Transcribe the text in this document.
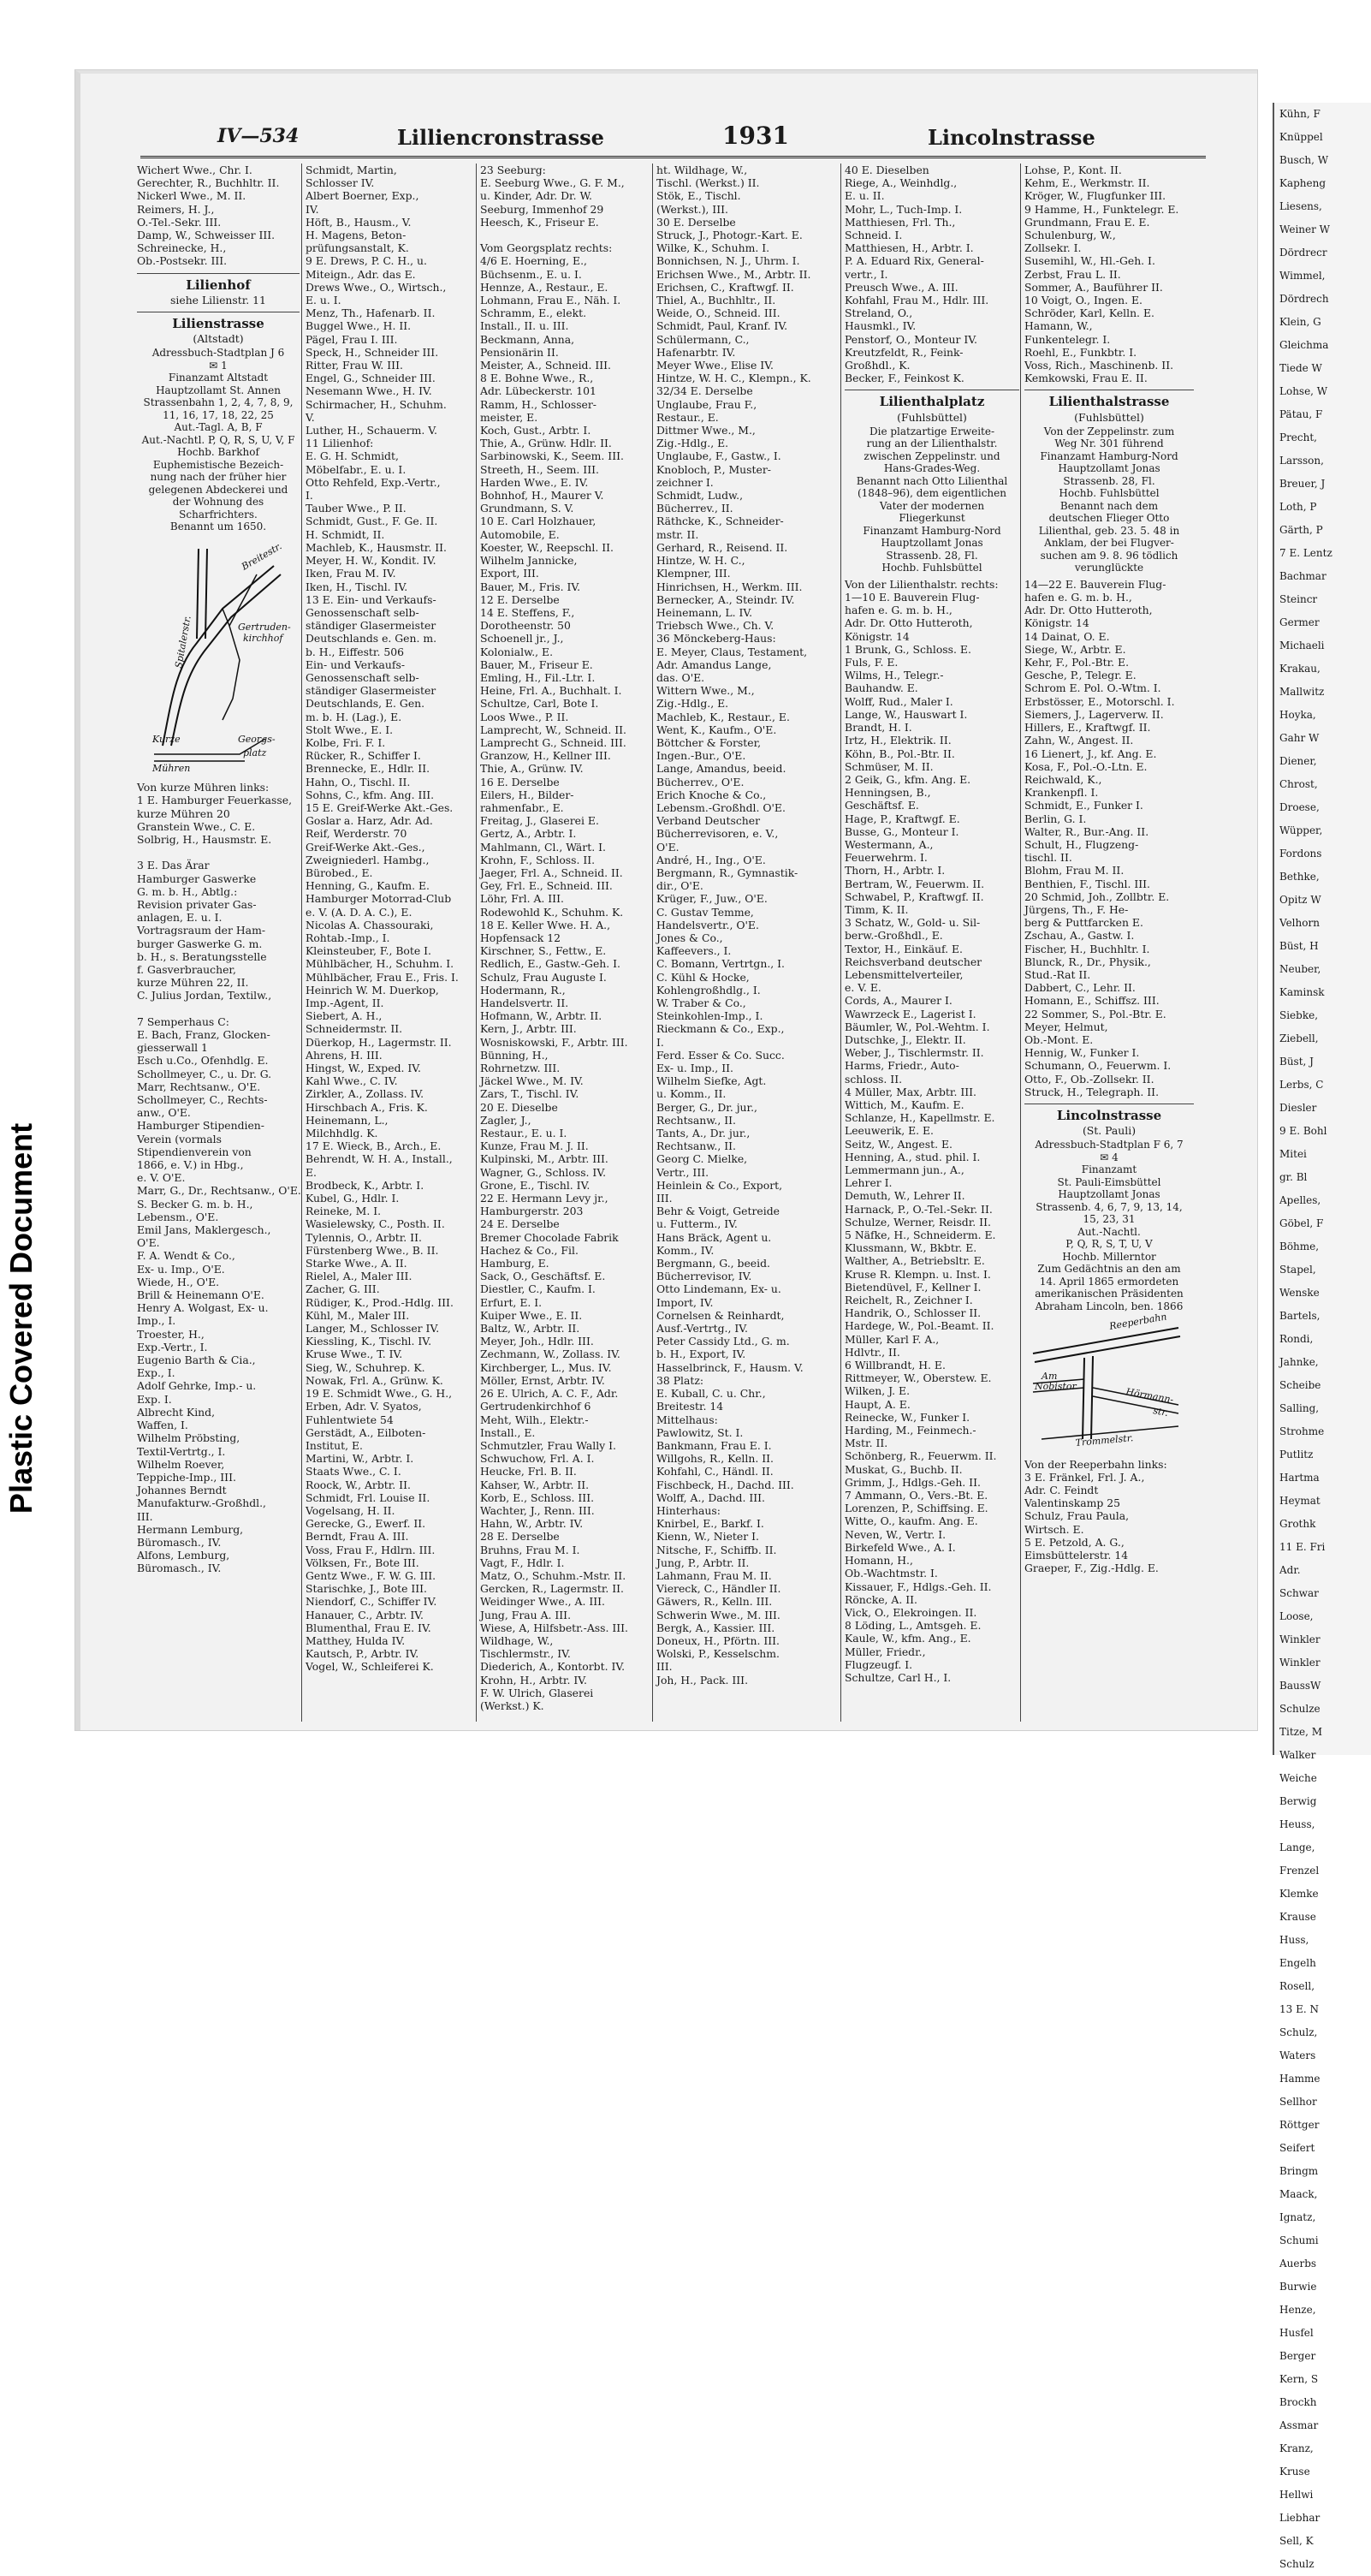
Plastic Covered Document
IV—534	Lilliencronstrasse	1931	Lincolnstrasse
Wichert Wwe., Chr. I.
Gerechter, R., Buchhltr. II.
Nickerl Wwe., M. II.
Reimers, H. J.,
O.-Tel.-Sekr. III.
Damp, W., Schweisser III.
Schreinecke, H.,
Ob.-Postsekr. III.
Lilienhof
siehe Lilienstr. 11
Lilienstrasse
(Altstadt)
Adressbuch-Stadtplan J 6
✉ 1
Finanzamt Altstadt
Hauptzollamt St. Annen
Strassenbahn 1, 2, 4, 7, 8, 9,
11, 16, 17, 18, 22, 25
Aut.-Tagl. A, B, F
Aut.-Nachtl. P, Q, R, S, U, V, F
Hochb. Barkhof
Euphemistische Bezeich-
nung nach der früher hier
gelegenen Abdeckerei und
der Wohnung des
Scharfrichters.
Benannt um 1650.
Breitestr.
Spitalerstr.	Gertruden-
kirchhof
Kurze
Mühren
Georgs-
platz
Von kurze Mühren links:
1 E. Hamburger Feuerkasse,
kurze Mühren 20
Granstein Wwe., C. E.
Solbrig, H., Hausmstr. E.

3 E. Das Ärar
Hamburger Gaswerke
G. m. b. H., Abtlg.:
Revision privater Gas-
anlagen, E. u. I.
Vortragsraum der Ham-
burger Gaswerke G. m.
b. H., s. Beratungsstelle
f. Gasverbraucher,
kurze Mühren 22, II.
C. Julius Jordan, Textilw.,

7 Semperhaus C:
E. Bach, Franz, Glocken-
giesserwall 1
Esch u.Co., Ofenhdlg. E.
Schollmeyer, C., u. Dr. G.
Marr, Rechtsanw., O'E.
Schollmeyer, C., Rechts-
anw., O'E.
Hamburger Stipendien-
Verein (vormals
Stipendienverein von
1866, e. V.) in Hbg.,
e. V. O'E.
Marr, G., Dr., Rechtsanw., O'E.
S. Becker G. m. b. H.,
Lebensm., O'E.
Emil Jans, Maklergesch.,
O'E.
F. A. Wendt & Co.,
Ex- u. Imp., O'E.
Wiede, H., O'E.
Brill & Heinemann O'E.
Henry A. Wolgast, Ex- u.
Imp., I.
Troester, H.,
Exp.-Vertr., I.
Eugenio Barth & Cia.,
Exp., I.
Adolf Gehrke, Imp.- u.
Exp. I.
Albrecht Kind,
Waffen, I.
Wilhelm Pröbsting,
Textil-Vertrtg., I.
Wilhelm Roever,
Teppiche-Imp., III.
Johannes Berndt
Manufakturw.-Großhdl.,
III.
Hermann Lemburg,
Büromasch., IV.
Alfons, Lemburg,
Büromasch., IV.
Schmidt, Martin,
Schlosser IV.
Albert Boerner, Exp.,
IV.
Höft, B., Hausm., V.
H. Magens, Beton-
prüfungsanstalt, K.
9 E. Drews, P. C. H., u.
Miteign., Adr. das E.
Drews Wwe., O., Wirtsch.,
E. u. I.
Menz, Th., Hafenarb. II.
Buggel Wwe., H. II.
Pägel, Frau I. III.
Speck, H., Schneider III.
Ritter, Frau W. III.
Engel, G., Schneider III.
Nesemann Wwe., H. IV.
Schirmacher, H., Schuhm.
V.
Luther, H., Schauerm. V.
11 Lilienhof:
E. G. H. Schmidt,
Möbelfabr., E. u. I.
Otto Rehfeld, Exp.-Vertr.,
I.
Tauber Wwe., P. II.
Schmidt, Gust., F. Ge. II.
H. Schmidt, II.
Machleb, K., Hausmstr. II.
Meyer, H. W., Kondit. IV.
Iken, Frau M. IV.
Iken, H., Tischl. IV.
13 E. Ein- und Verkaufs-
Genossenschaft selb-
ständiger Glasermeister
Deutschlands e. Gen. m.
b. H., Eiffestr. 506
Ein- und Verkaufs-
Genossenschaft selb-
ständiger Glasermeister
Deutschlands, E. Gen.
m. b. H. (Lag.), E.
Stolt Wwe., E. I.
Kolbe, Fri. F. I.
Rücker, R., Schiffer I.
Brennecke, E., Hdlr. II.
Hahn, O., Tischl. II.
Sohns, C., kfm. Ang. III.
15 E. Greif-Werke Akt.-Ges.
Goslar a. Harz, Adr. Ad.
Reif, Werderstr. 70
Greif-Werke Akt.-Ges.,
Zweigniederl. Hambg.,
Bürobed., E.
Henning, G., Kaufm. E.
Hamburger Motorrad-Club
e. V. (A. D. A. C.), E.
Nicolas A. Chassouraki,
Rohtab.-Imp., I.
Kleinsteuber, F., Bote I.
Mühlbächer, H., Schuhm. I.
Mühlbächer, Frau E., Fris. I.
Heinrich W. M. Duerkop,
Imp.-Agent, II.
Siebert, A. H.,
Schneidermstr. II.
Düerkop, H., Lagermstr. II.
Ahrens, H. III.
Hingst, W., Exped. IV.
Kahl Wwe., C. IV.
Zirkler, A., Zollass. IV.
Hirschbach A., Fris. K.
Heinemann, L.,
Milchhdlg. K.
17 E. Wieck, B., Arch., E.
Behrendt, W. H. A., Install.,
E.
Brodbeck, K., Arbtr. I.
Kubel, G., Hdlr. I.
Reineke, M. I.
Wasielewsky, C., Posth. II.
Tylennis, O., Arbtr. II.
Fürstenberg Wwe., B. II.
Starke Wwe., A. II.
Rielel, A., Maler III.
Zacher, G. III.
Rüdiger, K., Prod.-Hdlg. III.
Kühl, M., Maler III.
Langer, M., Schlosser IV.
Kiessling, K., Tischl. IV.
Kruse Wwe., T. IV.
Sieg, W., Schuhrep. K.
Nowak, Frl. A., Grünw. K.
19 E. Schmidt Wwe., G. H.,
Erben, Adr. V. Syatos,
Fuhlentwiete 54
Gerstädt, A., Eilboten-
Institut, E.
Martini, W., Arbtr. I.
Staats Wwe., C. I.
Roock, W., Arbtr. II.
Schmidt, Frl. Louise II.
Vogelsang, H. II.
Gerecke, G., Ewerf. II.
Berndt, Frau A. III.
Voss, Frau F., Hdlrn. III.
Völksen, Fr., Bote III.
Gentz Wwe., F. W. G. III.
Starischke, J., Bote III.
Niendorf, C., Schiffer IV.
Hanauer, C., Arbtr. IV.
Blumenthal, Frau E. IV.
Matthey, Hulda IV.
Kautsch, P., Arbtr. IV.
Vogel, W., Schleiferei K.
23 Seeburg:
E. Seeburg Wwe., G. F. M.,
u. Kinder, Adr. Dr. W.
Seeburg, Immenhof 29
Heesch, K., Friseur E.

Vom Georgsplatz rechts:
4/6 E. Hoerning, E.,
Büchsenm., E. u. I.
Hennze, A., Restaur., E.
Lohmann, Frau E., Näh. I.
Schramm, E., elekt.
Install., II. u. III.
Beckmann, Anna,
Pensionärin II.
Meister, A., Schneid. III.
8 E. Bohne Wwe., R.,
Adr. Lübeckerstr. 101
Ramm, H., Schlosser-
meister, E.
Koch, Gust., Arbtr. I.
Thie, A., Grünw. Hdlr. II.
Sarbinowski, K., Seem. III.
Streeth, H., Seem. III.
Harden Wwe., E. IV.
Bohnhof, H., Maurer V.
Grundmann, S. V.
10 E. Carl Holzhauer,
Automobile, E.
Koester, W., Reepschl. II.
Wilhelm Jannicke,
Export, III.
Bauer, M., Fris. IV.
12 E. Derselbe
14 E. Steffens, F.,
Dorotheenstr. 50
Schoenell jr., J.,
Kolonialw., E.
Bauer, M., Friseur E.
Emling, H., Fil.-Ltr. I.
Heine, Frl. A., Buchhalt. I.
Schultze, Carl, Bote I.
Loos Wwe., P. II.
Lamprecht, W., Schneid. II.
Lamprecht G., Schneid. III.
Granzow, H., Kellner III.
Thie, A., Grünw. IV.
16 E. Derselbe
Eilers, H., Bilder-
rahmenfabr., E.
Freitag, J., Glaserei E.
Gertz, A., Arbtr. I.
Mahlmann, Cl., Wärt. I.
Krohn, F., Schloss. II.
Jaeger, Frl. A., Schneid. II.
Gey, Frl. E., Schneid. III.
Löhr, Frl. A. III.
Rodewohld K., Schuhm. K.
18 E. Keller Wwe. H. A.,
Hopfensack 12
Kirschner, S., Fettw., E.
Redlich, E., Gastw.-Geh. I.
Schulz, Frau Auguste I.
Hodermann, R.,
Handelsvertr. II.
Hofmann, W., Arbtr. II.
Kern, J., Arbtr. III.
Wosniskowski, F., Arbtr. III.
Bünning, H.,
Rohrnetzw. III.
Jäckel Wwe., M. IV.
Zars, T., Tischl. IV.
20 E. Dieselbe
Zagler, J.,
Restaur., E. u. I.
Kunze, Frau M. J. II.
Kulpinski, M., Arbtr. III.
Wagner, G., Schloss. IV.
Grone, E., Tischl. IV.
22 E. Hermann Levy jr.,
Hamburgerstr. 203
24 E. Derselbe
Bremer Chocolade Fabrik
Hachez & Co., Fil.
Hamburg, E.
Sack, O., Geschäftsf. E.
Diestler, C., Kaufm. I.
Erfurt, E. I.
Kuiper Wwe., E. II.
Baltz, W., Arbtr. II.
Meyer, Joh., Hdlr. III.
Zechmann, W., Zollass. IV.
Kirchberger, L., Mus. IV.
Möller, Ernst, Arbtr. IV.
26 E. Ulrich, A. C. F., Adr.
Gertrudenkirchhof 6
Meht, Wilh., Elektr.-
Install., E.
Schmutzler, Frau Wally I.
Schwuchow, Frl. A. I.
Heucke, Frl. B. II.
Kahser, W., Arbtr. II.
Korb, E., Schloss. III.
Wachter, J., Renn. III.
Hahn, W., Arbtr. IV.
28 E. Derselbe
Bruhns, Frau M. I.
Vagt, F., Hdlr. I.
Matz, O., Schuhm.-Mstr. II.
Gercken, R., Lagermstr. II.
Weidinger Wwe., A. III.
Jung, Frau A. III.
Wiese, A, Hilfsbetr.-Ass. III.
Wildhage, W.,
Tischlermstr., IV.
Diederich, A., Kontorbt. IV.
Krohn, H., Arbtr. IV.
F. W. Ulrich, Glaserei
(Werkst.) K.
ht. Wildhage, W.,
Tischl. (Werkst.) II.
Stök, E., Tischl.
(Werkst.), III.
30 E. Derselbe
Struck, J., Photogr.-Kart. E.
Wilke, K., Schuhm. I.
Bonnichsen, N. J., Uhrm. I.
Erichsen Wwe., M., Arbtr. II.
Erichsen, C., Kraftwgf. II.
Thiel, A., Buchhltr., II.
Weide, O., Schneid. III.
Schmidt, Paul, Kranf. IV.
Schülermann, C.,
Hafenarbtr. IV.
Meyer Wwe., Elise IV.
Hintze, W. H. C., Klempn., K.
32/34 E. Derselbe
Unglaube, Frau F.,
Restaur., E.
Dittmer Wwe., M.,
Zig.-Hdlg., E.
Unglaube, F., Gastw., I.
Knobloch, P., Muster-
zeichner I.
Schmidt, Ludw.,
Bücherrev., II.
Räthcke, K., Schneider-
mstr. II.
Gerhard, R., Reisend. II.
Hintze, W. H. C.,
Klempner, III.
Hinrichsen, H., Werkm. III.
Bernecker, A., Steindr. IV.
Heinemann, L. IV.
Triebsch Wwe., Ch. V.
36 Mönckeberg-Haus:
E. Meyer, Claus, Testament,
Adr. Amandus Lange,
das. O'E.
Wittern Wwe., M.,
Zig.-Hdlg., E.
Machleb, K., Restaur., E.
Went, K., Kaufm., O'E.
Böttcher & Forster,
Ingen.-Bur., O'E.
Lange, Amandus, beeid.
Bücherrev., O'E.
Erich Knoche & Co.,
Lebensm.-Großhdl. O'E.
Verband Deutscher
Bücherrevisoren, e. V.,
O'E.
André, H., Ing., O'E.
Bergmann, R., Gymnastik-
dir., O'E.
Krüger, F., Juw., O'E.
C. Gustav Temme,
Handelsvertr., O'E.
Jones & Co.,
Kaffeevers., I.
C. Bomann, Vertrtgn., I.
C. Kühl & Hocke,
Kohlengroßhdlg., I.
W. Traber & Co.,
Steinkohlen-Imp., I.
Rieckmann & Co., Exp.,
I.
Ferd. Esser & Co. Succ.
Ex- u. Imp., II.
Wilhelm Siefke, Agt.
u. Komm., II.
Berger, G., Dr. jur.,
Rechtsanw., II.
Tants, A., Dr. jur.,
Rechtsanw., II.
Georg C. Mielke,
Vertr., III.
Heinlein & Co., Export,
III.
Behr & Voigt, Getreide
u. Futterm., IV.
Hans Bräck, Agent u.
Komm., IV.
Bergmann, G., beeid.
Bücherrevisor, IV.
Otto Lindemann, Ex- u.
Import, IV.
Cornelsen & Reinhardt,
Ausf.-Vertrtg., IV.
Peter Cassidy Ltd., G. m.
b. H., Export, IV.
Hasselbrinck, F., Hausm. V.
38 Platz:
E. Kuball, C. u. Chr.,
Breitestr. 14
Mittelhaus:
Pawlowitz, St. I.
Bankmann, Frau E. I.
Willgohs, R., Kelln. II.
Kohfahl, C., Händl. II.
Fischbeck, H., Dachd. III.
Wolff, A., Dachd. III.
Hinterhaus:
Knirbel, E., Barkf. I.
Kienn, W., Nieter I.
Nitsche, F., Schiffb. II.
Jung, P., Arbtr. II.
Lahmann, Frau M. II.
Viereck, C., Händler II.
Gäwers, R., Kelln. III.
Schwerin Wwe., M. III.
Bergk, A., Kassier. III.
Doneux, H., Pförtn. III.
Wolski, P., Kesselschm.
III.
Joh, H., Pack. III.
40 E. Dieselben
Riege, A., Weinhdlg.,
E. u. II.
Mohr, L., Tuch-Imp. I.
Matthiesen, Frl. Th.,
Schneid. I.
Matthiesen, H., Arbtr. I.
P. A. Eduard Rix, General-
vertr., I.
Preusch Wwe., A. III.
Kohfahl, Frau M., Hdlr. III.
Streland, O.,
Hausmkl., IV.
Penstorf, O., Monteur IV.
Kreutzfeldt, R., Feink-
Großhdl., K.
Becker, F., Feinkost K.
Lilienthalplatz
(Fuhlsbüttel)
Die platzartige Erweite-
rung an der Lilienthalstr.
zwischen Zeppelinstr. und
Hans-Grades-Weg.
Benannt nach Otto Lilienthal
(1848–96), dem eigentlichen
Vater der modernen
Fliegerkunst
Finanzamt Hamburg-Nord
Hauptzollamt Jonas
Strassenb. 28, Fl.
Hochb. Fuhlsbüttel
Von der Lilienthalstr. rechts:
1—10 E. Bauverein Flug-
hafen e. G. m. b. H.,
Adr. Dr. Otto Hutteroth,
Königstr. 14
1 Brunk, G., Schloss. E.
Fuls, F. E.
Wilms, H., Telegr.-
Bauhandw. E.
Wolff, Rud., Maler I.
Lange, W., Hauswart I.
Brandt, H. I.
Irtz, H., Elektrik. II.
Köhn, B., Pol.-Btr. II.
Schmüser, M. II.
2 Geik, G., kfm. Ang. E.
Henningsen, B.,
Geschäftsf. E.
Hage, P., Kraftwgf. E.
Busse, G., Monteur I.
Westermann, A.,
Feuerwehrm. I.
Thorn, H., Arbtr. I.
Bertram, W., Feuerwm. II.
Schwabel, P., Kraftwgf. II.
Timm, K. II.
3 Schatz, W., Gold- u. Sil-
berw.-Großhdl., E.
Textor, H., Einkäuf. E.
Reichsverband deutscher
Lebensmittelverteiler,
e. V. E.
Cords, A., Maurer I.
Wawrzeck E., Lagerist I.
Bäumler, W., Pol.-Wehtm. I.
Dutschke, J., Elektr. II.
Weber, J., Tischlermstr. II.
Harms, Friedr., Auto-
schloss. II.
4 Müller, Max, Arbtr. III.
Wittich, M., Kaufm. E.
Schlanze, H., Kapellmstr. E.
Leeuwerik, E. E.
Seitz, W., Angest. E.
Henning, A., stud. phil. I.
Lemmermann jun., A.,
Lehrer I.
Demuth, W., Lehrer II.
Harnack, P., O.-Tel.-Sekr. II.
Schulze, Werner, Reisdr. II.
5 Näfke, H., Schneiderm. E.
Klussmann, W., Bkbtr. E.
Walther, A., Betriebsltr. E.
Kruse R. Klempn. u. Inst. I.
Bietendüvel, F., Kellner I.
Reichelt, R., Zeichner I.
Handrik, O., Schlosser II.
Hardege, W., Pol.-Beamt. II.
Müller, Karl F. A.,
Hdlvtr., II.
6 Willbrandt, H. E.
Rittmeyer, W., Oberstew. E.
Wilken, J. E.
Haupt, A. E.
Reinecke, W., Funker I.
Harding, M., Feinmech.-
Mstr. II.
Schönberg, R., Feuerwm. II.
Muskat, G., Buchb. II.
Grimm, J., Hdlgs.-Geh. II.
7 Ammann, O., Vers.-Bt. E.
Lorenzen, P., Schiffsing. E.
Witte, O., kaufm. Ang. E.
Neven, W., Vertr. I.
Birkefeld Wwe., A. I.
Homann, H.,
Ob.-Wachtmstr. I.
Kissauer, F., Hdlgs.-Geh. II.
Röncke, A. II.
Vick, O., Elekroingen. II.
8 Löding, L., Amtsgeh. E.
Kaule, W., kfm. Ang., E.
Müller, Friedr.,
Flugzeugf. I.
Schultze, Carl H., I.
Lohse, P., Kont. II.
Kehm, E., Werkmstr. II.
Kröger, W., Flugfunker III.
9 Hamme, H., Funktelegr. E.
Grundmann, Frau E. E.
Schulenburg, W.,
Zollsekr. I.
Susemihl, W., Hl.-Geh. I.
Zerbst, Frau L. II.
Sommer, A., Bauführer II.
10 Voigt, O., Ingen. E.
Schröder, Karl, Kelln. E.
Hamann, W.,
Funkentelegr. I.
Roehl, E., Funkbtr. I.
Voss, Rich., Maschinenb. II.
Kemkowski, Frau E. II.
Lilienthalstrasse
(Fuhlsbüttel)
Von der Zeppelinstr. zum
Weg Nr. 301 führend
Finanzamt Hamburg-Nord
Hauptzollamt Jonas
Strassenb. 28, Fl.
Hochb. Fuhlsbüttel
Benannt nach dem
deutschen Flieger Otto
Lilienthal, geb. 23. 5. 48 in
Anklam, der bei Flugver-
suchen am 9. 8. 96 tödlich
verunglückte
14—22 E. Bauverein Flug-
hafen e. G. m. b. H.,
Adr. Dr. Otto Hutteroth,
Königstr. 14
14 Dainat, O. E.
Siege, W., Arbtr. E.
Kehr, F., Pol.-Btr. E.
Gesche, P., Telegr. E.
Schrom E. Pol. O.-Wtm. I.
Erbstösser, E., Motorschl. I.
Siemers, J., Lagerverw. II.
Hillers, E., Kraftwgf. II.
Zahn, W., Angest. II.
16 Lienert, J., kf. Ang. E.
Kosa, F., Pol.-O.-Ltn. E.
Reichwald, K.,
Krankenpfl. I.
Schmidt, E., Funker I.
Berlin, G. I.
Walter, R., Bur.-Ang. II.
Schult, H., Flugzeng-
tischl. II.
Blohm, Frau M. II.
Benthien, F., Tischl. III.
20 Schmid, Joh., Zollbtr. E.
Jürgens, Th., F. He-
berg & Puttfarcken E.
Zschau, A., Gastw. I.
Fischer, H., Buchhltr. I.
Blunck, R., Dr., Physik.,
Stud.-Rat II.
Dabbert, C., Lehr. II.
Homann, E., Schiffsz. III.
22 Sommer, S., Pol.-Btr. E.
Meyer, Helmut,
Ob.-Mont. E.
Hennig, W., Funker I.
Schumann, O., Feuerwm. I.
Otto, F., Ob.-Zollsekr. II.
Struck, H., Telegraph. II.
Lincolnstrasse
(St. Pauli)
Adressbuch-Stadtplan F 6, 7
✉ 4
Finanzamt
St. Pauli-Eimsbüttel
Hauptzollamt Jonas
Strassenb. 4, 6, 7, 9, 13, 14,
15, 23, 31
Aut.-Nachtl.
P, Q, R, S, T, U, V
Hochb. Millerntor
Zum Gedächtnis an den am
14. April 1865 ermordeten
amerikanischen Präsidenten
Abraham Lincoln, ben. 1866
Reeperbahn
Am
Nobistor	Hörmann-
str.
Trommelstr.
Von der Reeperbahn links:
3 E. Fränkel, Frl. J. A.,
Adr. C. Feindt
Valentinskamp 25
Schulz, Frau Paula,
Wirtsch. E.
5 E. Petzold, A. G.,
Eimsbüttelerstr. 14
Graeper, F., Zig.-Hdlg. E.
Kühn, F
Knüppel
Busch, W
Kapheng
Liesens,
Weiner W
Dördrecr
Wimmel,
Dördrech
Klein, G
Gleichma
Tiede W
Lohse, W
Pätau, F
Precht,
Larsson,
Breuer, J
Loth, P
Gärth, P
7 E. Lentz
Bachmar
Steincr
Germer
Michaeli
Krakau,
Mallwitz
Hoyka,
Gahr W
Diener,
Chrost,
Droese,
Wüpper,
Fordons
Bethke,
Opitz W
Velhorn
Büst, H
Neuber,
Kaminsk
Siebke,
Ziebell,
Büst, J
Lerbs, C
Diesler
9 E. Bohl
Mitei
gr. Bl
Apelles,
Göbel, F
Böhme,
Stapel,
Wenske
Bartels,
Rondi,
Jahnke,
Scheibe
Salling,
Strohme
Putlitz
Hartma
Heymat
Grothk
11 E. Fri
Adr.
Schwar
Loose,
Winkler
Winkler
BaussW
Schulze
Titze, M
Walker
Weiche
Berwig
Heuss,
Lange,
Frenzel
Klemke
Krause
Huss,
Engelh
Rosell,
13 E. N
Schulz,
Waters
Hamme
Sellhor
Röttger
Seifert
Bringm
Maack,
Ignatz,
Schumi
Auerbs
Burwie
Henze,
Husfel
Berger
Kern, S
Brockh
Assmar
Kranz,
Kruse
Hellwi
Liebhar
Sell, K
Schulz
